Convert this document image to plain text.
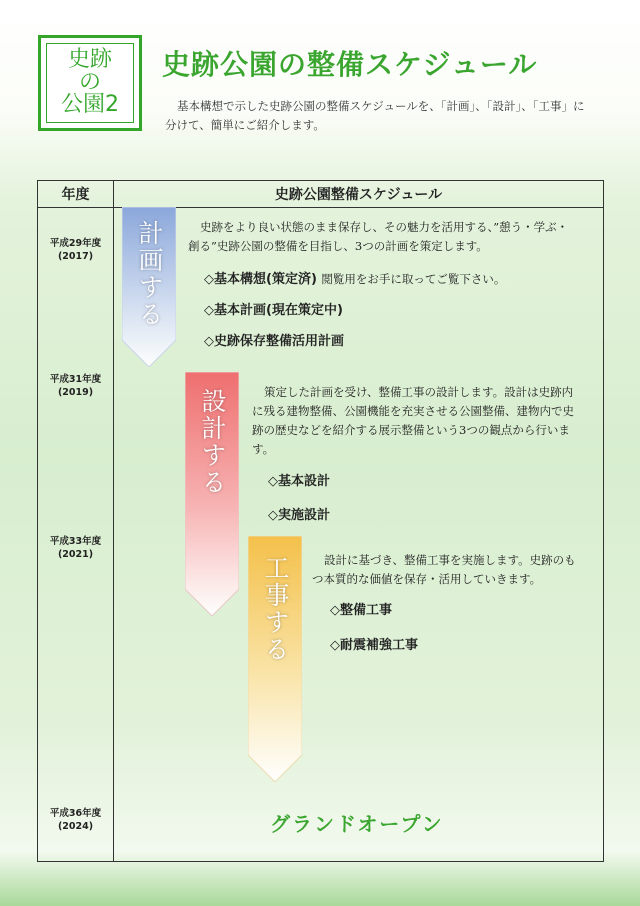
史跡
の
公園2
史跡公園の整備スケジュール

基本構想で示した史跡公園の整備スケジュールを、「計画」、「設計」、「工事」に分けて、簡単にご紹介します。

年度	史跡公園整備スケジュール
平成29年度
(2017)
平成31年度
(2019)
平成33年度
(2021)
平成36年度
(2024)
計画する
設計する
工事する

史跡をより良い状態のまま保存し、その魅力を活用する、”憩う・学ぶ・創る”史跡公園の整備を目指し、3つの計画を策定します。

◇基本構想(策定済) 閲覧用をお手に取ってご覧下さい。
◇基本計画(現在策定中)
◇史跡保存整備活用計画

策定した計画を受け、整備工事の設計します。設計は史跡内に残る建物整備、公園機能を充実させる公園整備、建物内で史跡の歴史などを紹介する展示整備という3つの観点から行います。

◇基本設計
◇実施設計

設計に基づき、整備工事を実施します。史跡のもつ本質的な価値を保存・活用していきます。

◇整備工事
◇耐震補強工事
グランドオープン
